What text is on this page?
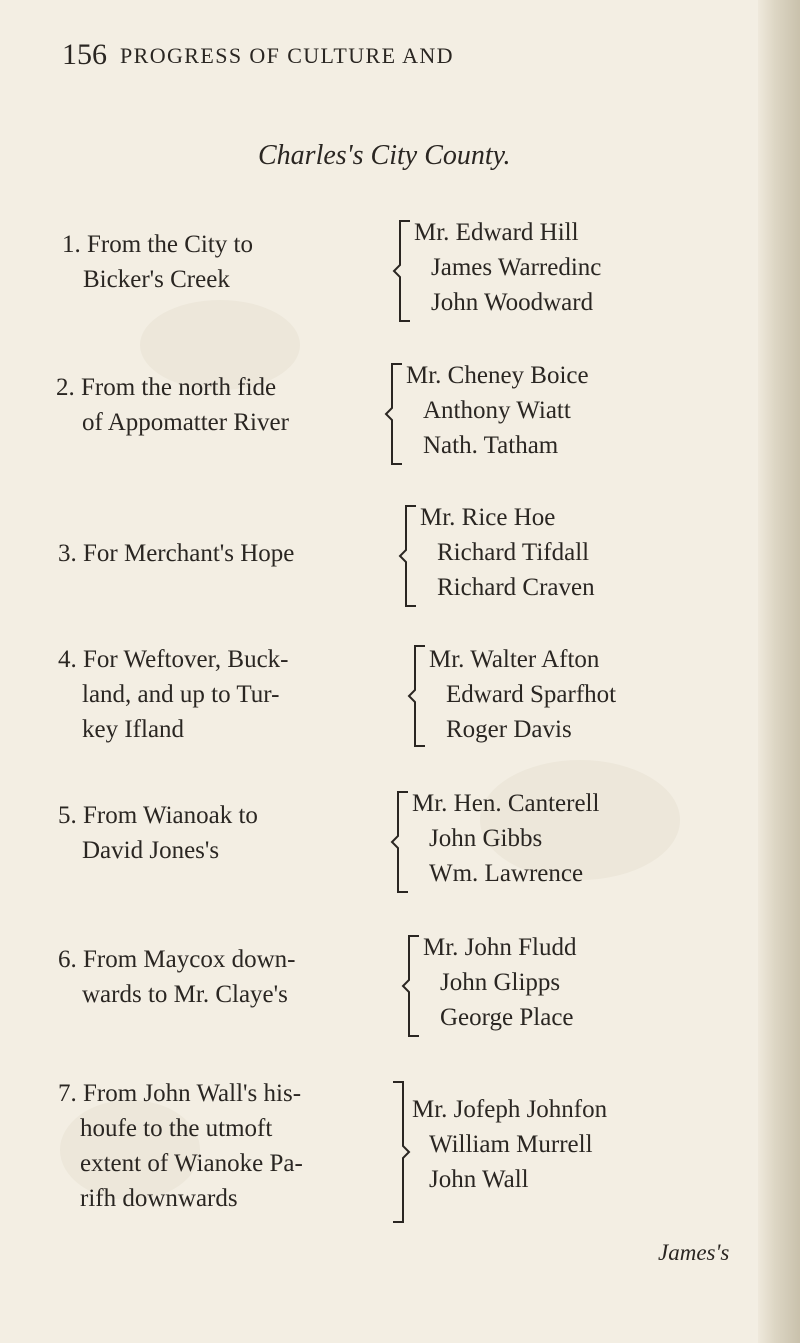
156 PROGRESS OF CULTURE AND
Charles's City County.
1. From the City to
Bicker's Creek
Mr. Edward Hill
James Warredinc
John Woodward
2. From the north fide
of Appomatter River
Mr. Cheney Boice
Anthony Wiatt
Nath. Tatham
3. For Merchant's Hope
Mr. Rice Hoe
Richard Tifdall
Richard Craven
4. For Weftover, Buck-
land, and up to Tur-
key Ifland
Mr. Walter Afton
Edward Sparfhot
Roger Davis
5. From Wianoak to
David Jones's
Mr. Hen. Canterell
John Gibbs
Wm. Lawrence
6. From Maycox down-
wards to Mr. Claye's
Mr. John Fludd
John Glipps
George Place
7. From John Wall's his-
houfe to the utmoft
extent of Wianoke Pa-
rifh downwards
Mr. Jofeph Johnfon
William Murrell
John Wall
James's
